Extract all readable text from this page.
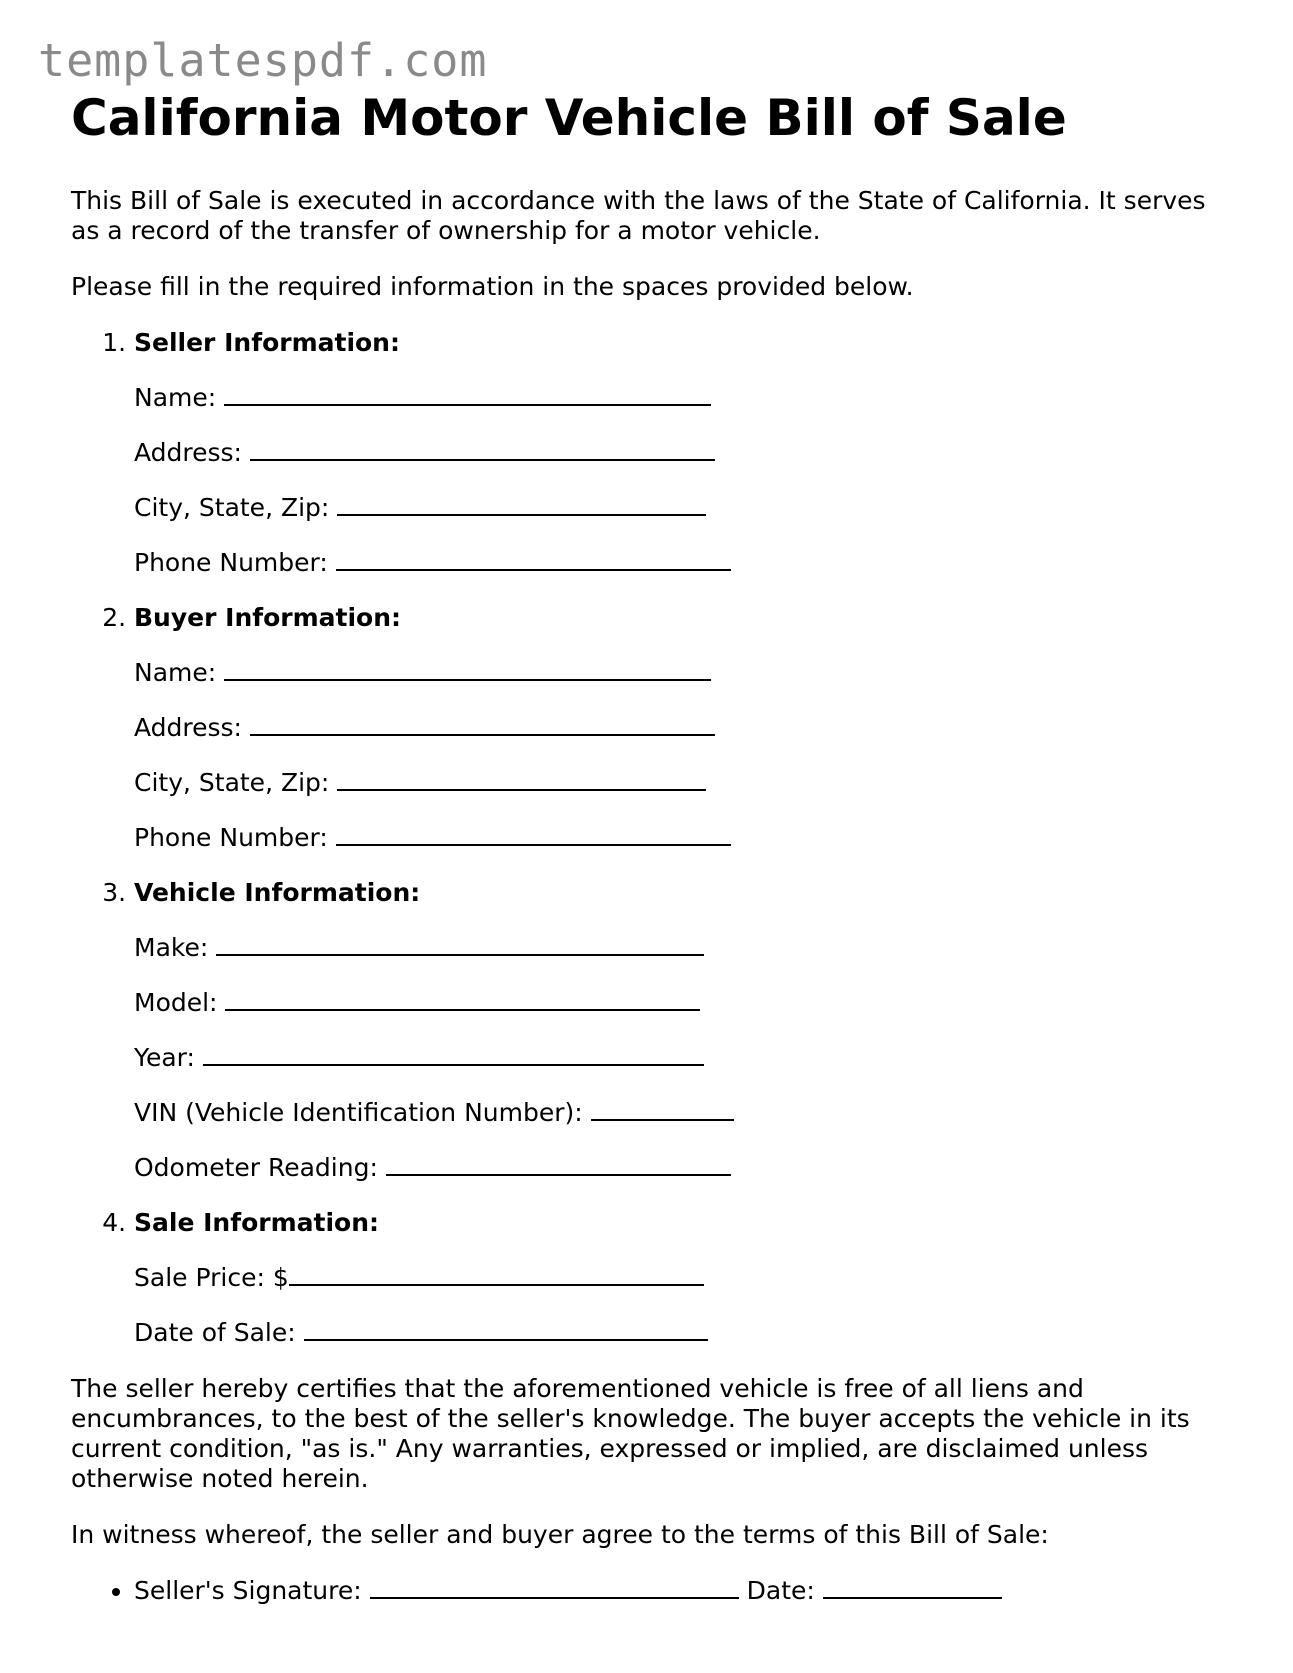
templatespdf.com
California Motor Vehicle Bill of Sale

This Bill of Sale is executed in accordance with the laws of the State of California. It serves as a record of the transfer of ownership for a motor vehicle.

Please fill in the required information in the spaces provided below.

1. Seller Information:
Name:
Address:
City, State, Zip:
Phone Number:
2. Buyer Information:
Name:
Address:
City, State, Zip:
Phone Number:
3. Vehicle Information:
Make:
Model:
Year:
VIN (Vehicle Identification Number):
Odometer Reading:
4. Sale Information:
Sale Price: $
Date of Sale:

The seller hereby certifies that the aforementioned vehicle is free of all liens and encumbrances, to the best of the seller's knowledge. The buyer accepts the vehicle in its current condition, "as is." Any warranties, expressed or implied, are disclaimed unless otherwise noted herein.

In witness whereof, the seller and buyer agree to the terms of this Bill of Sale:

• Seller's Signature:	Date:
